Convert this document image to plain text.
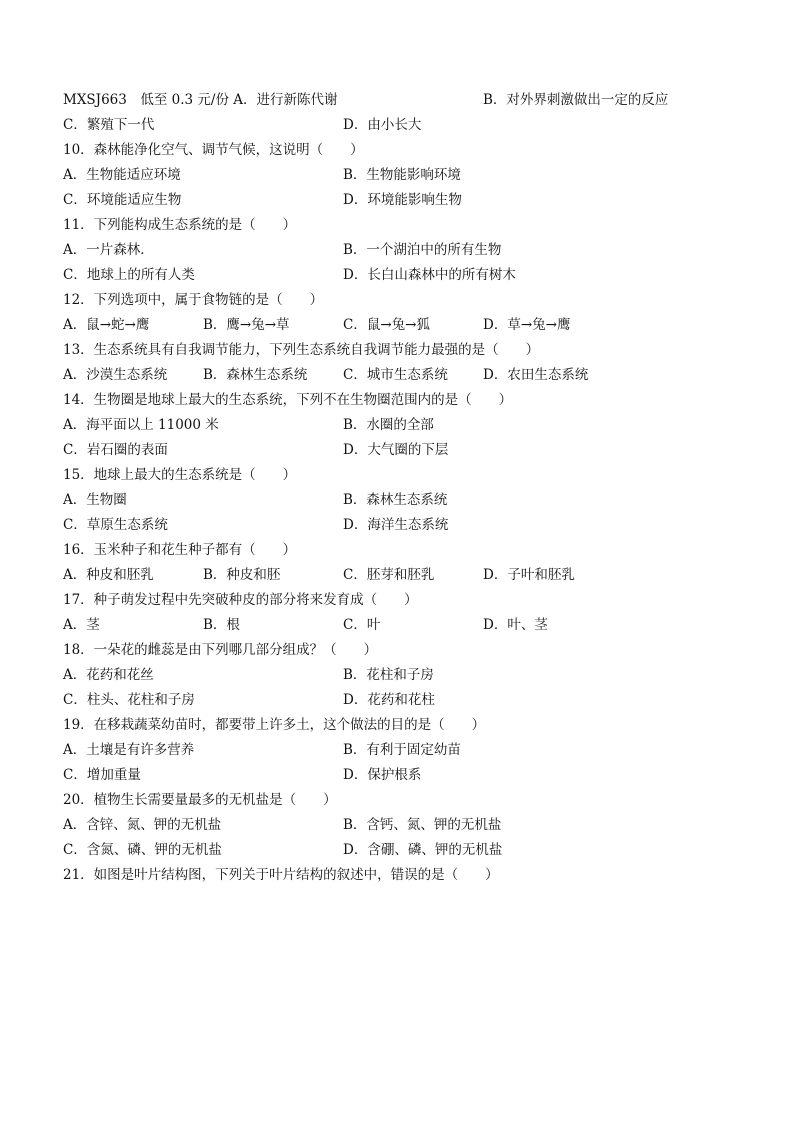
MXSJ663　低至 0.3 元/份 A．进行新陈代谢	B．对外界刺激做出一定的反应
C．繁殖下一代	D．由小长大
10．森林能净化空气、调节气候，这说明（　　）
A．生物能适应环境	B．生物能影响环境
C．环境能适应生物	D．环境能影响生物
11．下列能构成生态系统的是（　　）
A．一片森林．	B．一个湖泊中的所有生物
C．地球上的所有人类	D．长白山森林中的所有树木
12．下列选项中，属于食物链的是（　　）
A．鼠→蛇→鹰	B．鹰→兔→草	C．鼠→兔→狐	D．草→兔→鹰
13．生态系统具有自我调节能力，下列生态系统自我调节能力最强的是（　　）
A．沙漠生态系统	B．森林生态系统	C．城市生态系统	D．农田生态系统
14．生物圈是地球上最大的生态系统，下列不在生物圈范围内的是（　　）
A．海平面以上 11000 米	B．水圈的全部
C．岩石圈的表面	D．大气圈的下层
15．地球上最大的生态系统是（　　）
A．生物圈	B．森林生态系统
C．草原生态系统	D．海洋生态系统
16．玉米种子和花生种子都有（　　）
A．种皮和胚乳	B．种皮和胚	C．胚芽和胚乳	D．子叶和胚乳
17．种子萌发过程中先突破种皮的部分将来发育成（　　）
A．茎	B．根	C．叶	D．叶、茎
18．一朵花的雌蕊是由下列哪几部分组成？（　　）
A．花药和花丝	B．花柱和子房
C．柱头、花柱和子房	D．花药和花柱
19．在移栽蔬菜幼苗时，都要带上许多土，这个做法的目的是（　　）
A．土壤是有许多营养	B．有利于固定幼苗
C．增加重量	D．保护根系
20．植物生长需要量最多的无机盐是（　　）
A．含锌、氮、钾的无机盐	B．含钙、氮、钾的无机盐
C．含氮、磷、钾的无机盐	D．含硼、磷、钾的无机盐
21．如图是叶片结构图，下列关于叶片结构的叙述中，错误的是（　　）
